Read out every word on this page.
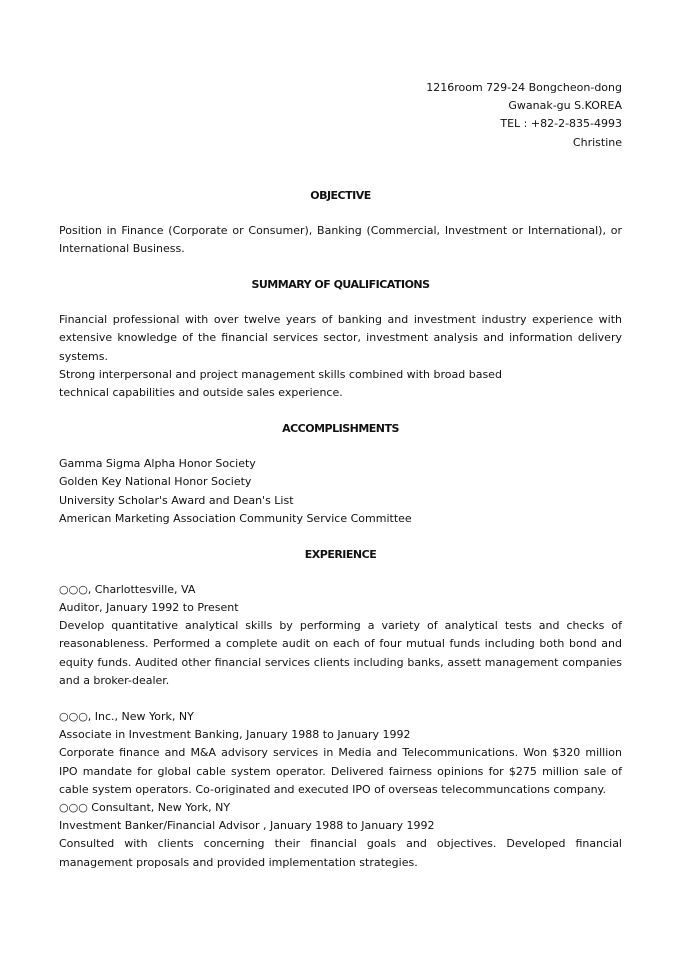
1216room 729-24 Bongcheon-dong
Gwanak-gu S.KOREA
TEL : +82-2-835-4993
Christine
OBJECTIVE
Position in Finance (Corporate or Consumer), Banking (Commercial, Investment or International), or International Business.
SUMMARY OF QUALIFICATIONS
Financial professional with over twelve years of banking and investment industry experience with extensive knowledge of the financial services sector, investment analysis and information delivery systems.
Strong interpersonal and project management skills combined with broad based
technical capabilities and outside sales experience.
ACCOMPLISHMENTS
Gamma Sigma Alpha Honor Society
Golden Key National Honor Society
University Scholar's Award and Dean's List
American Marketing Association Community Service Committee
EXPERIENCE
○○○, Charlottesville, VA
Auditor, January 1992 to Present
Develop quantitative analytical skills by performing a variety of analytical tests and checks of reasonableness. Performed a complete audit on each of four mutual funds including both bond and equity funds. Audited other financial services clients including banks, assett management companies and a broker-dealer.
○○○, Inc., New York, NY
Associate in Investment Banking, January 1988 to January 1992
Corporate finance and M&A advisory services in Media and Telecommunications. Won $320 million IPO mandate for global cable system operator. Delivered fairness opinions for $275 million sale of cable system operators. Co-originated and executed IPO of overseas telecommuncations company.
○○○ Consultant, New York, NY
Investment Banker/Financial Advisor , January 1988 to January 1992
Consulted with clients concerning their financial goals and objectives. Developed financial management proposals and provided implementation strategies.
